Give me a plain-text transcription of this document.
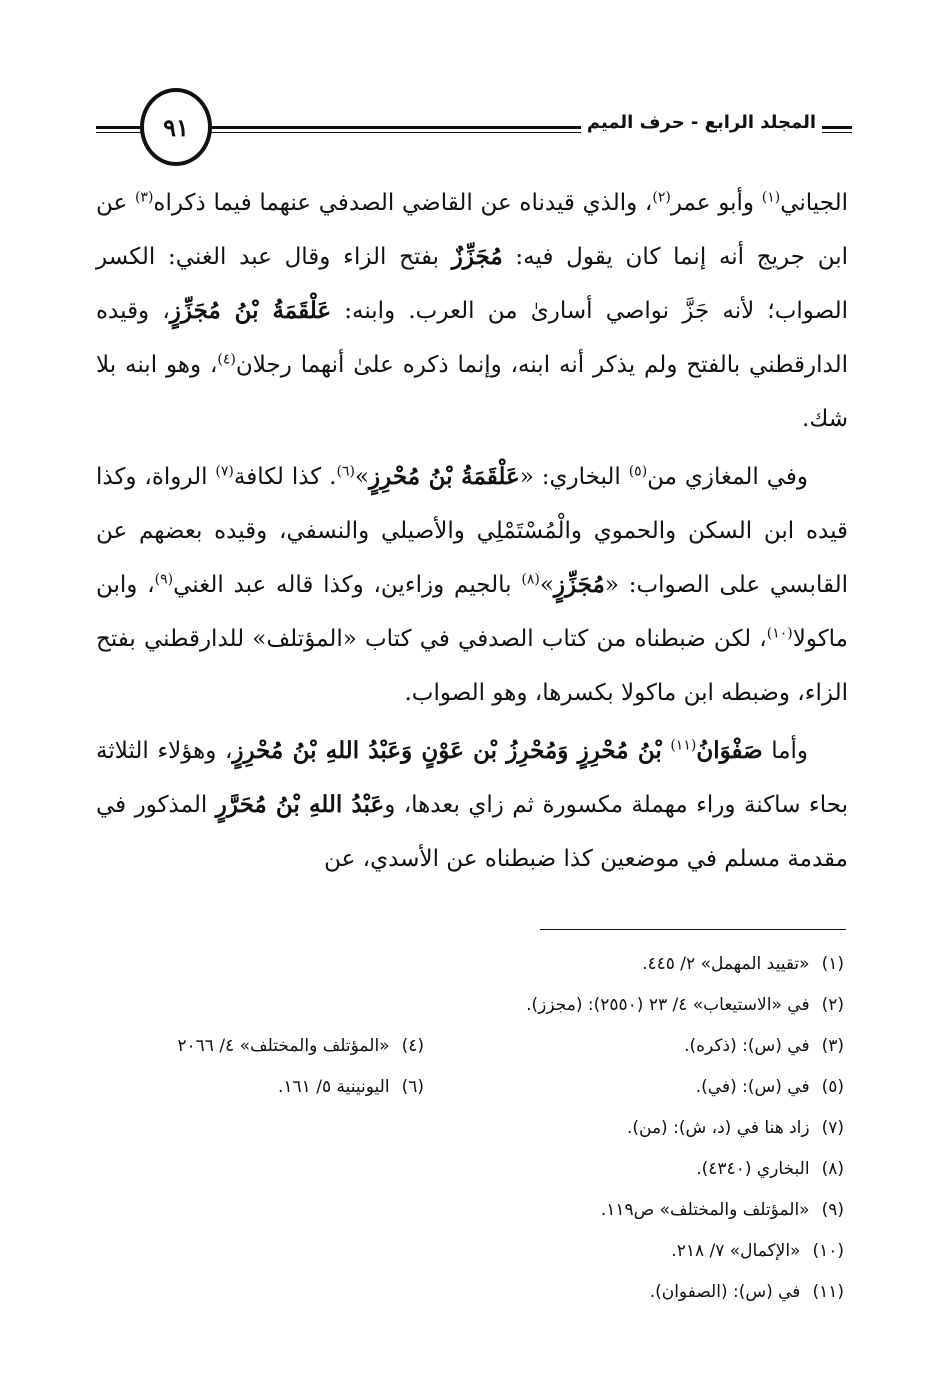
٩١	المجلد الرابع - حرف الميم

الجياني$^{(١)}$ وأبو عمر$^{(٢)}$، والذي قيدناه عن القاضي الصدفي عنهما فيما ذكراه$^{(٣)}$ عن ابن جريج أنه إنما كان يقول فيه: مُجَزِّزٌ بفتح الزاء وقال عبد الغني: الكسر الصواب؛ لأنه جَزَّ نواصي أسارىٰ من العرب. وابنه: عَلْقَمَةُ بْنُ مُجَزِّزٍ، وقيده الدارقطني بالفتح ولم يذكر أنه ابنه، وإنما ذكره علىٰ أنهما رجلان$^{(٤)}$، وهو ابنه بلا شك.

وفي المغازي من$^{(٥)}$ البخاري: «عَلْقَمَةُ بْنُ مُحْرِزٍ»$^{(٦)}$. كذا لكافة$^{(٧)}$ الرواة، وكذا قيده ابن السكن والحموي والْمُسْتَمْلِي والأصيلي والنسفي، وقيده بعضهم عن القابسي على الصواب: «مُجَزِّزٍ»$^{(٨)}$ بالجيم وزاءين، وكذا قاله عبد الغني$^{(٩)}$، وابن ماكولا$^{(١٠)}$، لكن ضبطناه من كتاب الصدفي في كتاب «المؤتلف» للدارقطني بفتح الزاء، وضبطه ابن ماكولا بكسرها، وهو الصواب.

وأما صَفْوَانُ$^{(١١)}$ بْنُ مُحْرِزٍ وَمُحْرِزُ بْن عَوْنٍ وَعَبْدُ اللهِ بْنُ مُحْرِزٍ، وهؤلاء الثلاثة بحاء ساكنة وراء مهملة مكسورة ثم زاي بعدها، وعَبْدُ اللهِ بْنُ مُحَرَّرٍ المذكور في مقدمة مسلم في موضعين كذا ضبطناه عن الأسدي، عن

(١)«تقييد المهمل» ٢/ ٤٤٥.
(٢)في «الاستيعاب» ٤/ ٢٣ (٢٥٥٠): (مجزز).
(٣)في (س): (ذكره).
(٤)«المؤتلف والمختلف» ٤/ ٢٠٦٦
(٥)في (س): (في).
(٦)اليونينية ٥/ ١٦١.
(٧)زاد هنا في (د، ش): (من).
(٨)البخاري (٤٣٤٠).
(٩)«المؤتلف والمختلف» ص١١٩.
(١٠)«الإكمال» ٧/ ٢١٨.
(١١)في (س): (الصفوان).
